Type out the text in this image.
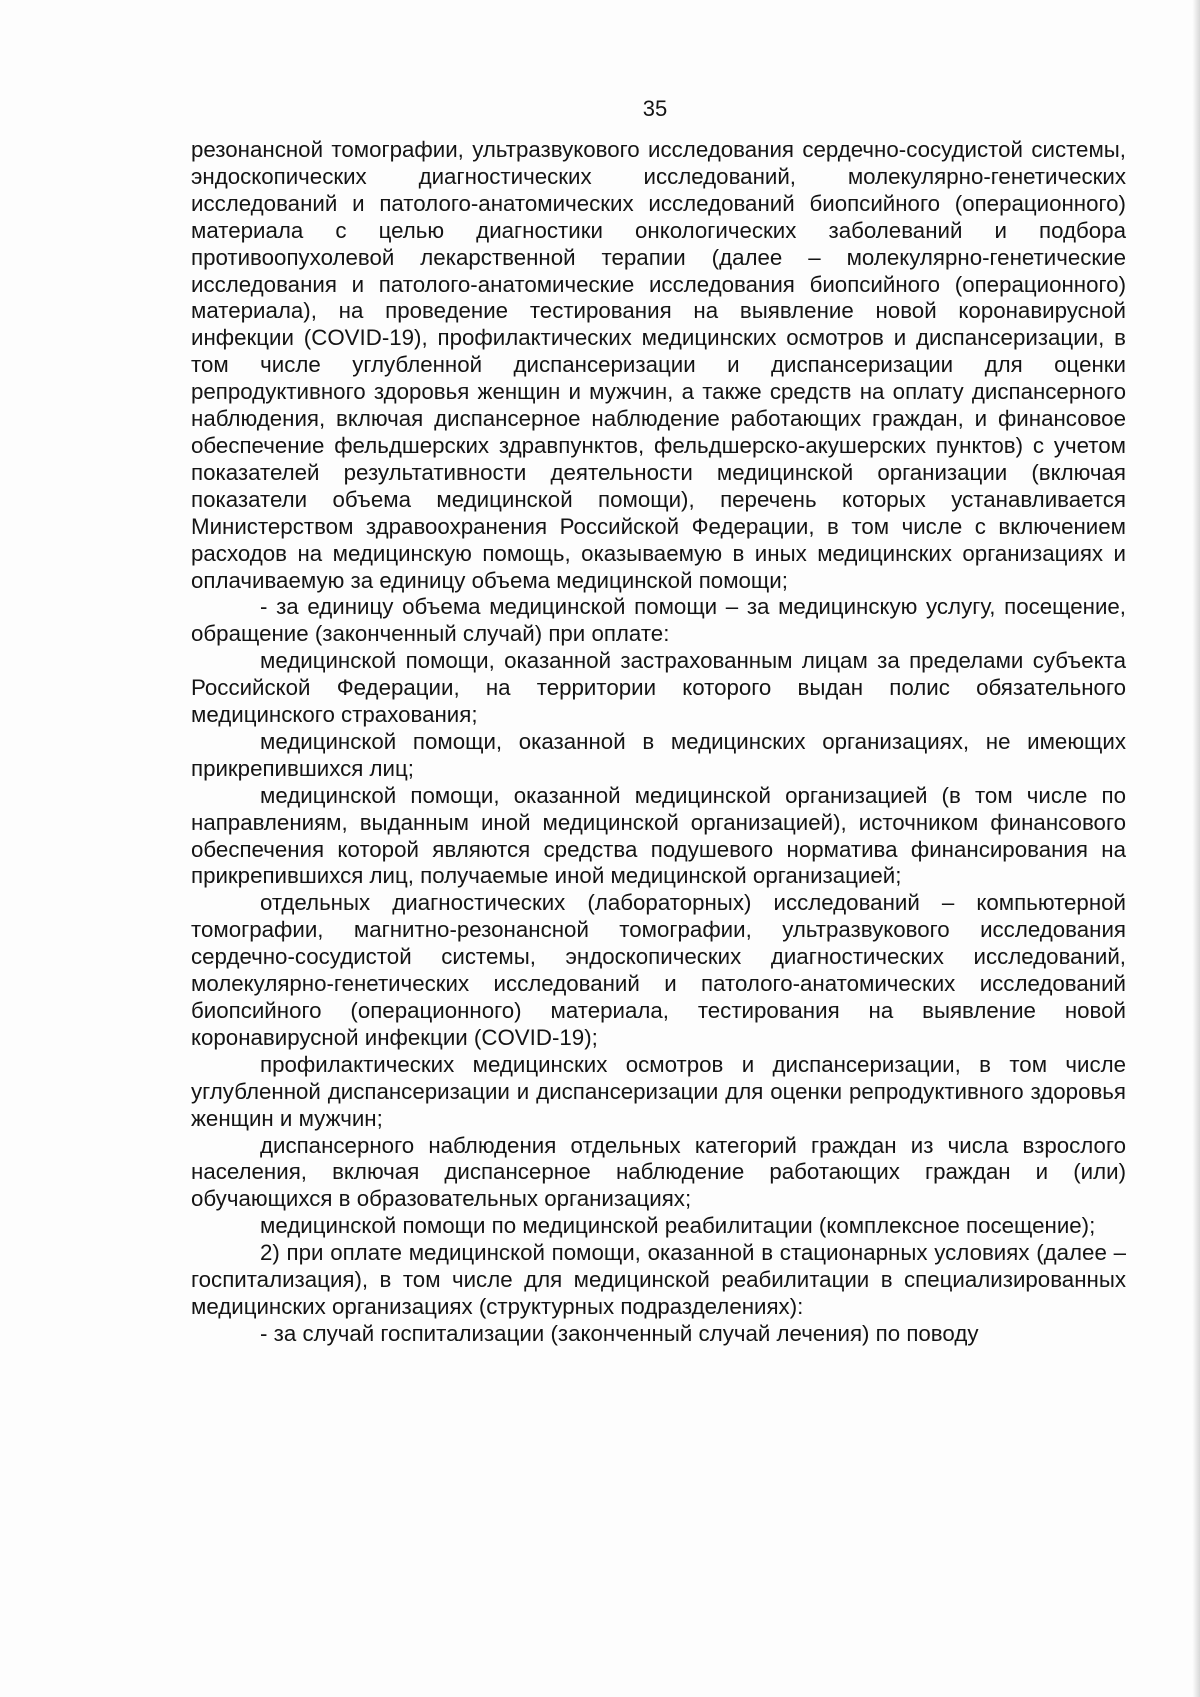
35

резонансной томографии, ультразвукового исследования сердечно-сосудистой системы, эндоскопических диагностических исследований, молекулярно-генетических исследований и патолого-анатомических исследований биопсийного (операционного) материала с целью диагностики онкологических заболеваний и подбора противоопухолевой лекарственной терапии (далее – молекулярно-генетические исследования и патолого-анатомические исследования биопсийного (операционного) материала), на проведение тестирования на выявление новой коронавирусной инфекции (COVID-19), профилактических медицинских осмотров и диспансеризации, в том числе углубленной диспансеризации и диспансеризации для оценки репродуктивного здоровья женщин и мужчин, а также средств на оплату диспансерного наблюдения, включая диспансерное наблюдение работающих граждан, и финансовое обеспечение фельдшерских здравпунктов, фельдшерско-акушерских пунктов) с учетом показателей результативности деятельности медицинской организации (включая показатели объема медицинской помощи), перечень которых устанавливается Министерством здравоохранения Российской Федерации, в том числе с включением расходов на медицинскую помощь, оказываемую в иных медицинских организациях и оплачиваемую за единицу объема медицинской помощи;

- за единицу объема медицинской помощи – за медицинскую услугу, посещение, обращение (законченный случай) при оплате:

медицинской помощи, оказанной застрахованным лицам за пределами субъекта Российской Федерации, на территории которого выдан полис обязательного медицинского страхования;

медицинской помощи, оказанной в медицинских организациях, не имеющих прикрепившихся лиц;

медицинской помощи, оказанной медицинской организацией (в том числе по направлениям, выданным иной медицинской организацией), источником финансового обеспечения которой являются средства подушевого норматива финансирования на прикрепившихся лиц, получаемые иной медицинской организацией;

отдельных диагностических (лабораторных) исследований – компьютерной томографии, магнитно-резонансной томографии, ультразвукового исследования сердечно-сосудистой системы, эндоскопических диагностических исследований, молекулярно-генетических исследований и патолого-анатомических исследований биопсийного (операционного) материала, тестирования на выявление новой коронавирусной инфекции (COVID-19);

профилактических медицинских осмотров и диспансеризации, в том числе углубленной диспансеризации и диспансеризации для оценки репродуктивного здоровья женщин и мужчин;

диспансерного наблюдения отдельных категорий граждан из числа взрослого населения, включая диспансерное наблюдение работающих граждан и (или) обучающихся в образовательных организациях;

медицинской помощи по медицинской реабилитации (комплексное посещение);

2) при оплате медицинской помощи, оказанной в стационарных условиях (далее – госпитализация), в том числе для медицинской реабилитации в специализированных медицинских организациях (структурных подразделениях):

- за случай госпитализации (законченный случай лечения) по поводу
